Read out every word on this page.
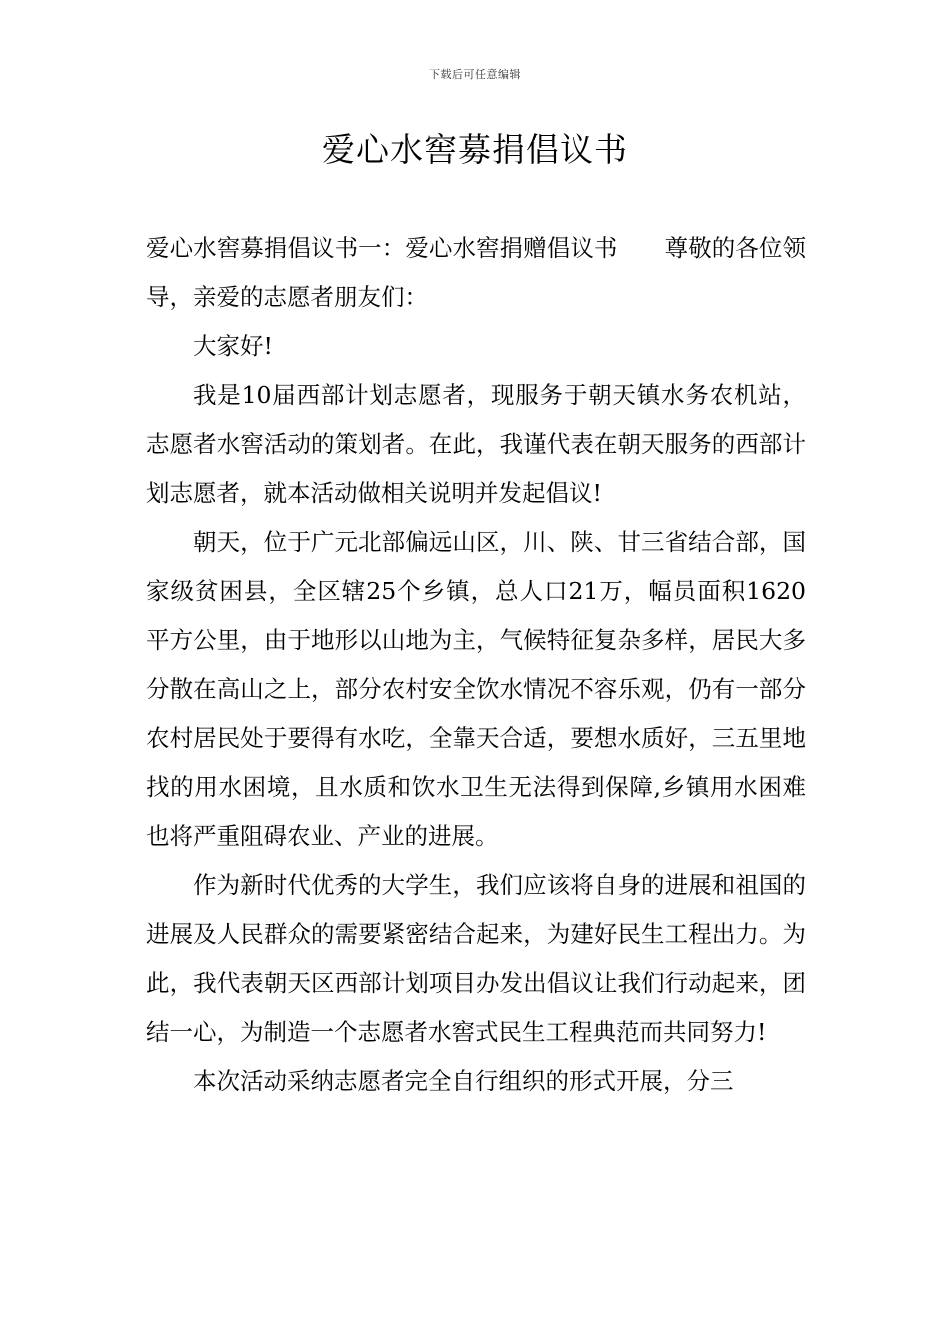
下载后可任意编辑
爱心水窖募捐倡议书

爱心水窖募捐倡议书一：爱心水窖捐赠倡议书　　尊敬的各位领导，亲爱的志愿者朋友们：

大家好!

我是10届西部计划志愿者，现服务于朝天镇水务农机站，志愿者水窖活动的策划者。在此，我谨代表在朝天服务的西部计划志愿者，就本活动做相关说明并发起倡议!

朝天，位于广元北部偏远山区，川、陕、甘三省结合部，国家级贫困县，全区辖25个乡镇，总人口21万，幅员面积1620平方公里，由于地形以山地为主，气候特征复杂多样，居民大多分散在高山之上，部分农村安全饮水情况不容乐观，仍有一部分农村居民处于要得有水吃，全靠天合适，要想水质好，三五里地找的用水困境，且水质和饮水卫生无法得到保障,乡镇用水困难也将严重阻碍农业、产业的进展。

作为新时代优秀的大学生，我们应该将自身的进展和祖国的进展及人民群众的需要紧密结合起来，为建好民生工程出力。为此，我代表朝天区西部计划项目办发出倡议让我们行动起来，团结一心，为制造一个志愿者水窖式民生工程典范而共同努力!

本次活动采纳志愿者完全自行组织的形式开展，分三
